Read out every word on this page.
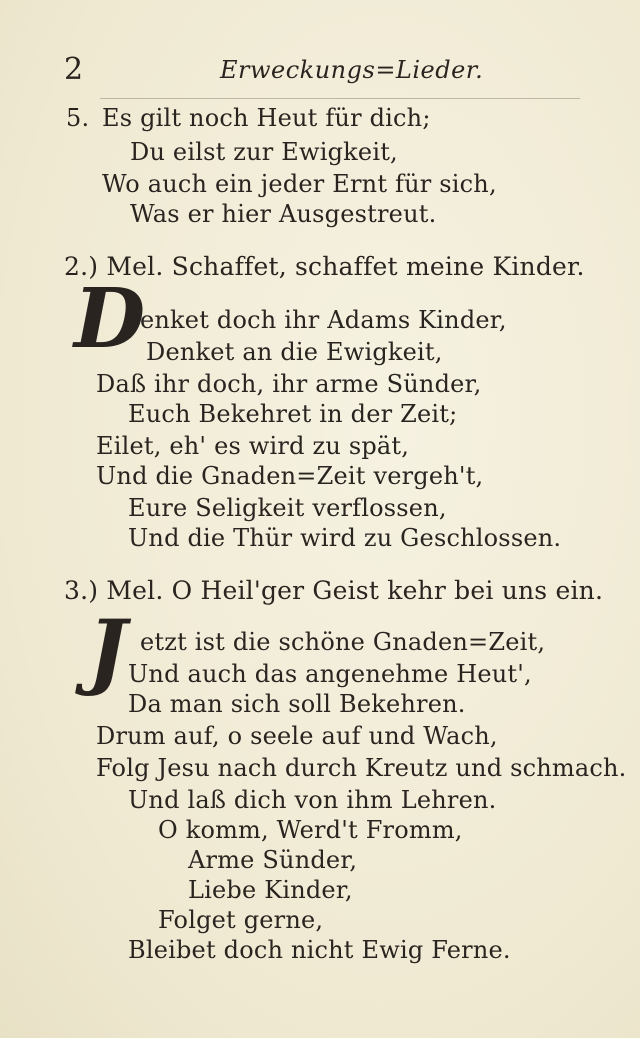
2	Erweckungs=Lieder.
5. Es gilt noch Heut für dich;
Du eilst zur Ewigkeit,
Wo auch ein jeder Ernt für sich,
Was er hier Ausgestreut.
2.) Mel. Schaffet, schaffet meine Kinder.
D
enket doch ihr Adams Kinder,
Denket an die Ewigkeit,
Daß ihr doch, ihr arme Sünder,
Euch Bekehret in der Zeit;
Eilet, eh' es wird zu spät,
Und die Gnaden=Zeit vergeh't,
Eure Seligkeit verflossen,
Und die Thür wird zu Geschlossen.
3.) Mel. O Heil'ger Geist kehr bei uns ein.
J etzt ist die schöne Gnaden=Zeit,
Und auch das angenehme Heut',
Da man sich soll Bekehren.
Drum auf, o seele auf und Wach,
Folg Jesu nach durch Kreutz und schmach.
Und laß dich von ihm Lehren.
O komm, Werd't Fromm,
Arme Sünder,
Liebe Kinder,
Folget gerne,
Bleibet doch nicht Ewig Ferne.
